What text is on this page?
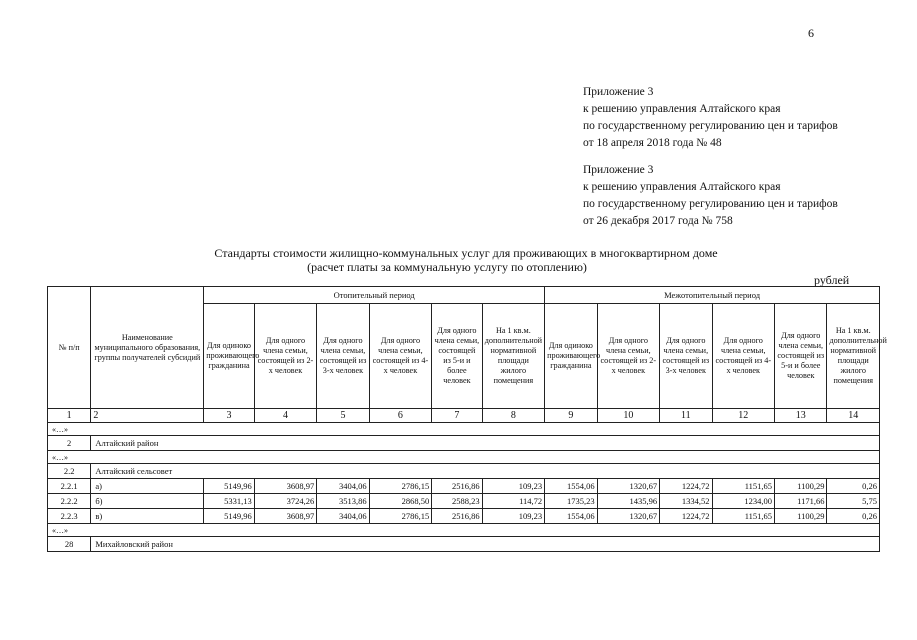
6
Приложение 3
к решению управления Алтайского края
по государственному регулированию цен и тарифов
от 18 апреля 2018 года № 48
Приложение 3
к решению управления Алтайского края
по государственному регулированию цен и тарифов
от 26 декабря 2017 года № 758
Стандарты стоимости жилищно-коммунальных услуг для проживающих в многоквартирном доме
(расчет платы за коммунальную услугу по отоплению)
рублей
№ п/п	Наименование муниципального образования, группы получателей субсидий	Отопительный период						Межотопительный период					
		Для одиноко проживающего гражданина	Для одного члена семьи, состоящей из 2-х человек	Для одного члена семьи, состоящей из 3-х человек	Для одного члена семьи, состоящей из 4-х человек	Для одного члена семьи, состоящей из 5-и и более человек	На 1 кв.м. дополнительной нормативной площади жилого помещения	Для одиноко проживающего гражданина	Для одного члена семьи, состоящей из 2-х человек	Для одного члена семьи, состоящей из 3-х человек	Для одного члена семьи, состоящей из 4-х человек	Для одного члена семьи, состоящей из 5-и и более человек	На 1 кв.м. дополнительной нормативной площади жилого помещения
1	2	3	4	5	6	7	8	9	10	11	12	13	14
«…»													
2	Алтайский район												
«…»													
2.2	Алтайский сельсовет												
2.2.1	а)	5149,96	3608,97	3404,06	2786,15	2516,86	109,23	1554,06	1320,67	1224,72	1151,65	1100,29	0,26
2.2.2	б)	5331,13	3724,26	3513,86	2868,50	2588,23	114,72	1735,23	1435,96	1334,52	1234,00	1171,66	5,75
2.2.3	в)	5149,96	3608,97	3404,06	2786,15	2516,86	109,23	1554,06	1320,67	1224,72	1151,65	1100,29	0,26
«…»													
28	Михайловский район												
